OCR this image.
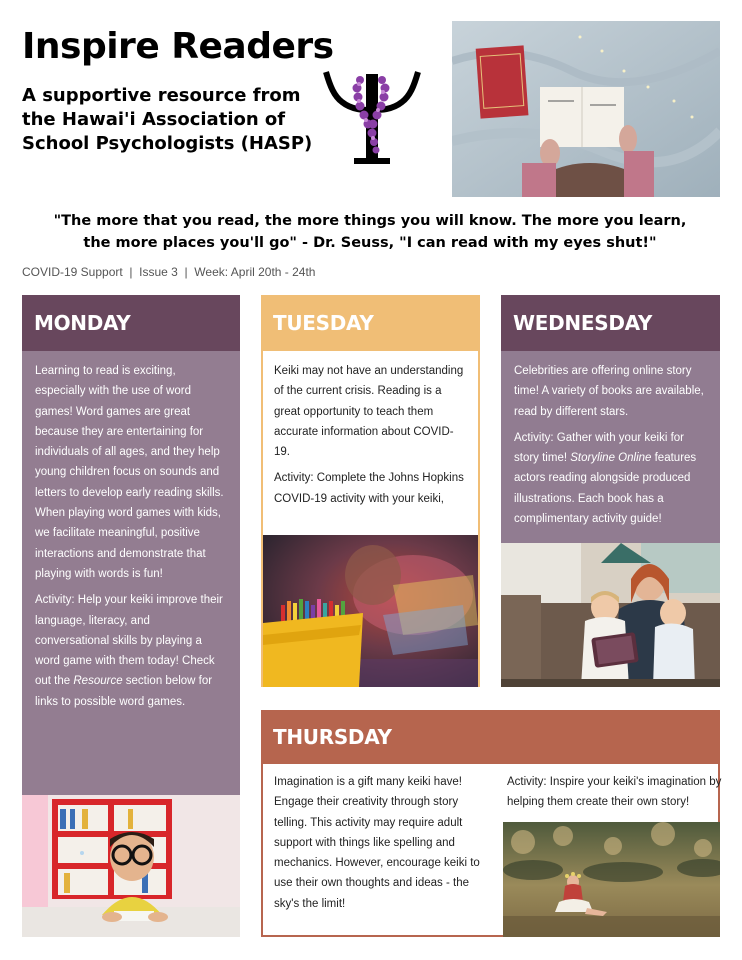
Inspire Readers
A supportive resource from the Hawai'i Association of School Psychologists (HASP)
"The more that you read, the more things you will know. The more you learn, the more places you'll go" - Dr. Seuss, "I can read with my eyes shut!"
COVID-19 Support  |  Issue 3  |  Week: April 20th - 24th
MONDAY

Learning to read is exciting, especially with the use of word games! Word games are great because they are entertaining for individuals of all ages, and they help young children focus on sounds and letters to develop early reading skills. When playing word games with kids, we facilitate meaningful, positive interactions and demonstrate that playing with words is fun!

Activity: Help your keiki improve their language, literacy, and conversational skills by playing a word game with them today! Check out the Resource section below for links to possible word games.

TUESDAY

Keiki may not have an understanding of the current crisis. Reading is a great opportunity to teach them accurate information about COVID-19.

Activity: Complete the Johns Hopkins COVID-19 activity with your keiki,

WEDNESDAY

Celebrities are offering online story time! A variety of books are available, read by different stars.

Activity: Gather with your keiki for story time! Storyline Online features actors reading alongside produced illustrations. Each book has a complimentary activity guide!

THURSDAY

Imagination is a gift many keiki have! Engage their creativity through story telling. This activity may require adult support with things like spelling and mechanics. However, encourage keiki to use their own thoughts and ideas - the sky's the limit!

Activity: Inspire your keiki's imagination by helping them create their own story!
